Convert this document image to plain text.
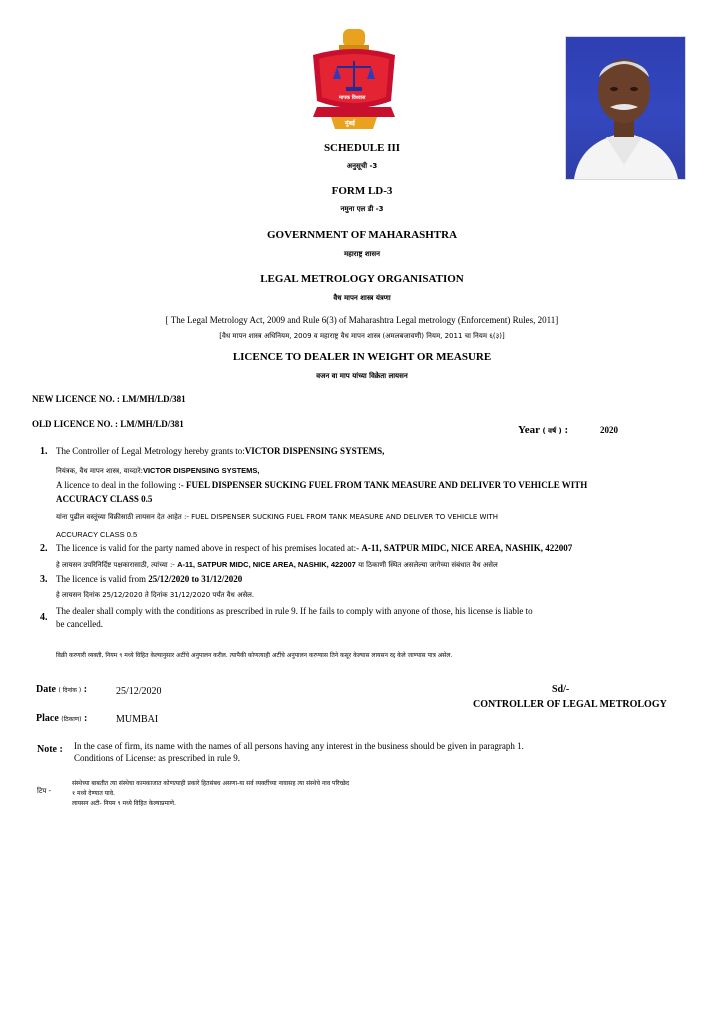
मापक विश्वास
मुंबई
SCHEDULE III
अनुसूची -3
FORM LD-3
नमुना एल डी -3
GOVERNMENT OF MAHARASHTRA
महाराष्ट्र शासन
LEGAL METROLOGY ORGANISATION
वैध मापन शास्त्र यंत्रणा
[ The Legal Metrology Act, 2009 and Rule 6(3) of Maharashtra Legal metrology (Enforcement) Rules, 2011]
[वैध मापन शास्त्र अधिनियम, 2009 व महाराष्ट्र वैध मापन शास्त्र (अमलबजावणी) नियम, 2011 चा नियम ६(३)]
LICENCE TO DEALER IN WEIGHT OR MEASURE
वजन वा माप यांच्या विक्रेता लायसन
NEW LICENCE NO. : LM/MH/LD/381
OLD LICENCE NO. : LM/MH/LD/381	Year ( वर्ष ) :	2020
1. The Controller of Legal Metrology hereby grants to:VICTOR DISPENSING SYSTEMS,
नियंत्रक, वैध मापन शास्त्र, याव्दारे:VICTOR DISPENSING SYSTEMS,
A licence to deal in the following :- FUEL DISPENSER SUCKING FUEL FROM TANK MEASURE AND DELIVER TO VEHICLE WITH
ACCURACY CLASS 0.5
यांना पुढील वस्तूंच्या विक्रीसाठी लायसन देत आहेत :- FUEL DISPENSER SUCKING FUEL FROM TANK MEASURE AND DELIVER TO VEHICLE WITH
ACCURACY CLASS 0.5
2. The licence is valid for the party named above in respect of his premises located at:- A-11, SATPUR MIDC, NICE AREA, NASHIK, 422007
हे लायसन उपरिनिर्दिष्ट पक्षकारासाठी, त्यांच्या :- A-11, SATPUR MIDC, NICE AREA, NASHIK, 422007 या ठिकाणी स्थित असलेल्या जागेच्या संबंधात वैध असेल
3. The licence is valid from 25/12/2020 to 31/12/2020
हे लायसन दिनांक 25/12/2020 ते दिनांक 31/12/2020 पर्यंत वैध असेल.
4.
The dealer shall comply with the conditions as prescribed in rule 9. If he fails to comply with anyone of those, his license is liable to
be cancelled.
विक्री करणारी व्यक्ती, नियम ९ मध्ये विहित केल्यानुसार अटींचे अनुपालन करील. त्यापैकी कोणत्याही अटींचे अनुपालन करण्यास तिने कसूर केल्यास लायसन रद्द केले जाण्यास पात्र असेल.
Date ( दिनांक ) :	25/12/2020
Place (ठिकाण) :	MUMBAI
Sd/-
CONTROLLER OF LEGAL METROLOGY
Note : In the case of firm, its name with the names of all persons having any interest in the business should be given in paragraph 1.
Conditions of License: as prescribed in rule 9.
टिप -
संस्थेच्या बाबतीत त्या संस्थेचा कामकाजात कोणत्याही प्रकारे हितसंबध असणा-या सर्व व्यक्तींच्या नावासह त्या संस्थेचे नाव परिच्छेद
१ मध्ये देण्यात यावे.
लायसन अटी- नियम ९ मध्ये विहित केल्याप्रमाणे.
